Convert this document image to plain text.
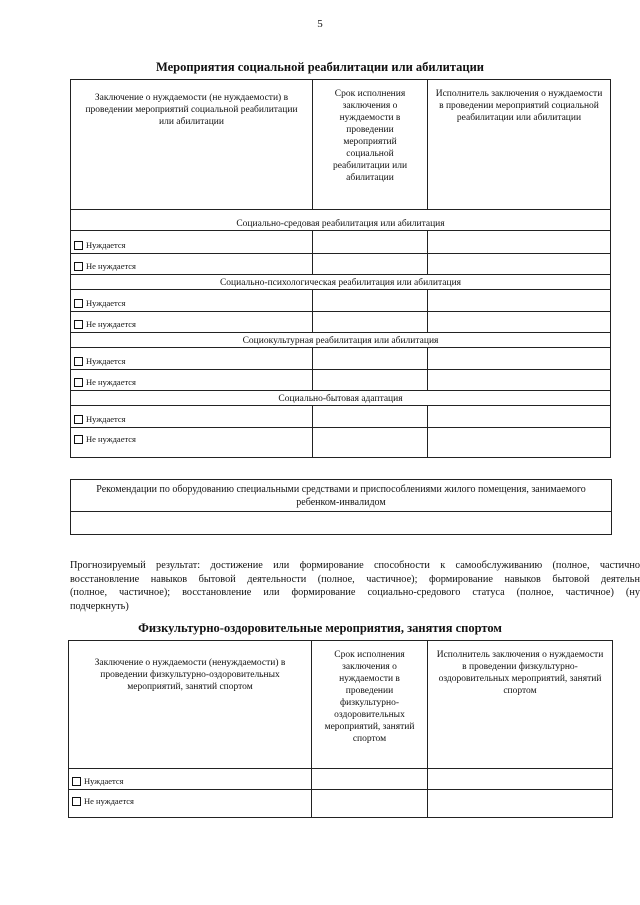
5
Мероприятия социальной реабилитации или абилитации
Заключение о нуждаемости (не нуждаемости) в проведении мероприятий социальной реабилитации или абилитации	Срок исполнения заключения о нуждаемости в проведении мероприятий социальной реабилитации или абилитации	Исполнитель заключения о нуждаемости в проведении мероприятий социальной реабилитации или абилитации
Социально-средовая реабилитация или абилитация		

Нуждается		

Не нуждается		

Социально-психологическая реабилитация или абилитация		

Нуждается		

Не нуждается		

Социокультурная реабилитация или абилитация		

Нуждается		

Не нуждается		

Социально-бытовая адаптация		

Нуждается		

Не нуждается		

Рекомендации по оборудованию специальными средствами и приспособлениями жилого помещения, занимаемого ребенком-инвалидом

Прогнозируемый результат: достижение или формирование способности к самообслуживанию (полное, частично
восстановление навыков бытовой деятельности (полное, частичное); формирование навыков бытовой деятельн
(полное, частичное); восстановление или формирование социально-средового статуса (полное, частичное) (ну
подчеркнуть)
Физкультурно-оздоровительные мероприятия, занятия спортом
Заключение о нуждаемости (ненуждаемости) в проведении физкультурно-оздоровительных мероприятий, занятий спортом	Срок исполнения заключения о нуждаемости в проведении физкультурно-оздоровительных мероприятий, занятий спортом	Исполнитель заключения о нуждаемости в проведении физкультурно-оздоровительных мероприятий, занятий спортом

Нуждается		

Не нуждается		
